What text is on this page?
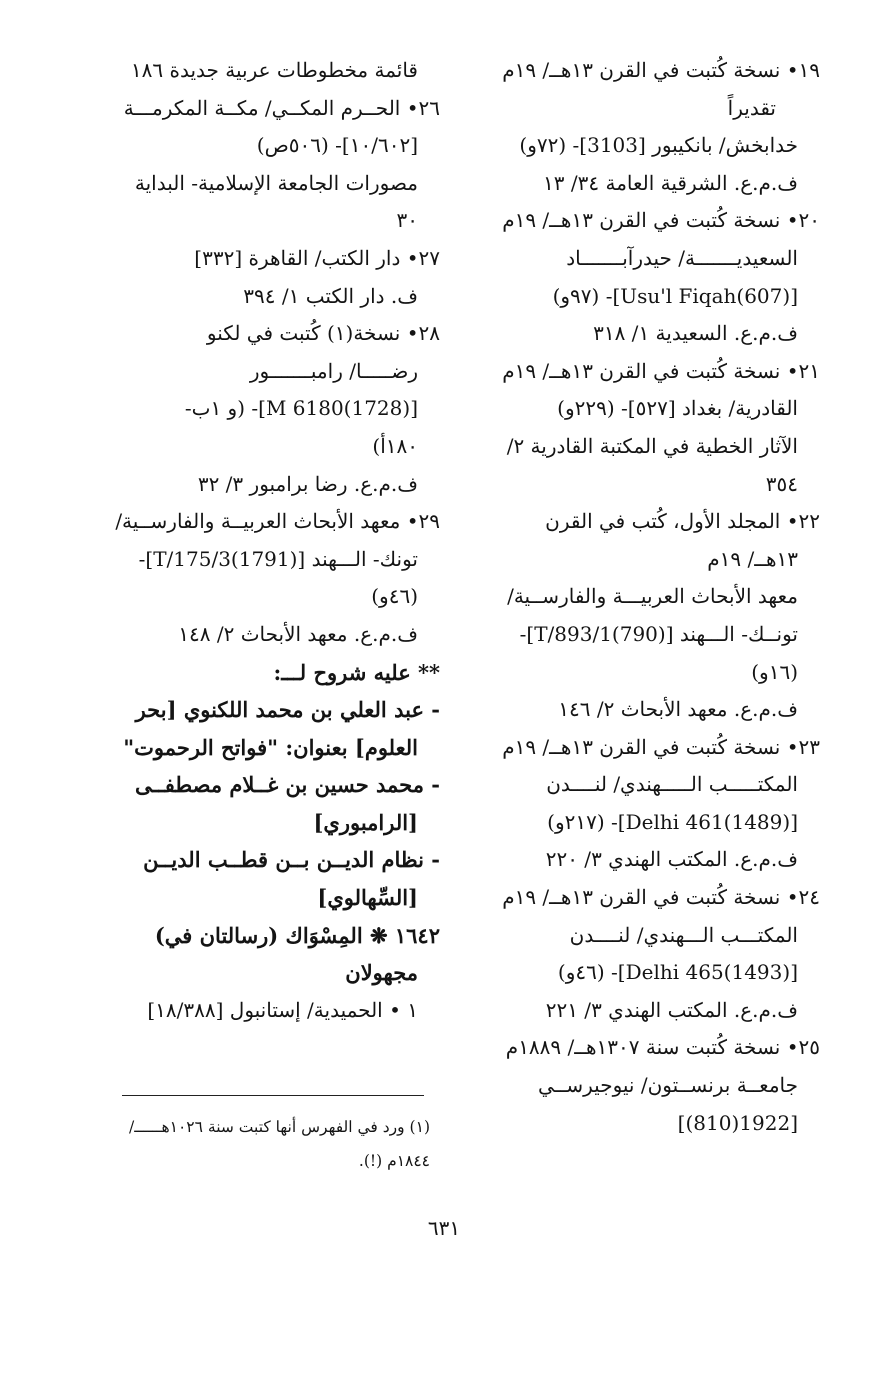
١٩• نسخة كُتبت في القرن ١٣هــ/ ١٩م
تقديراً
خدابخش/ بانكيبور [3103]- (٧٢و)
ف.م.ع. الشرقية العامة ٣٤/ ١٣
٢٠• نسخة كُتبت في القرن ١٣هــ/ ١٩م
السعيديـــــــة/ حيدرآبـــــــاد
[Usu'l Fiqah(607)]- (٩٧و)
ف.م.ع. السعيدية ١/ ٣١٨
٢١• نسخة كُتبت في القرن ١٣هــ/ ١٩م
القادرية/ بغداد [٥٢٧]- (٢٢٩و)
الآثار الخطية في المكتبة القادرية ٢/
٣٥٤
٢٢• المجلد الأول، كُتب في القرن
١٣هــ/ ١٩م
معهد الأبحاث العربيـــة والفارســية/
تونــك- الـــهند [T/893/1(790)]-
(١٦و)
ف.م.ع. معهد الأبحاث ٢/ ١٤٦
٢٣• نسخة كُتبت في القرن ١٣هــ/ ١٩م
المكتـــــب الـــــهندي/ لنــــدن
[Delhi 461(1489)]- (٢١٧و)
ف.م.ع. المكتب الهندي ٣/ ٢٢٠
٢٤• نسخة كُتبت في القرن ١٣هــ/ ١٩م
المكتـــب الـــهندي/ لنــــدن
[Delhi 465(1493)]- (٤٦و)
ف.م.ع. المكتب الهندي ٣/ ٢٢١
٢٥• نسخة كُتبت سنة ١٣٠٧هــ/ ١٨٨٩م
جامعــة برنســتون/ نيوجيرســي
[1922(810)]
قائمة مخطوطات عربية جديدة ١٨٦
٢٦• الحــرم المكــي/ مكــة المكرمـــة
[١٠/٦٠٢]- (٥٠٦ص)
مصورات الجامعة الإسلامية- البداية
٣٠
٢٧• دار الكتب/ القاهرة [٣٣٢]
ف. دار الكتب ١/ ٣٩٤
٢٨• نسخة(١) كُتبت في لكنو
رضـــــا/ رامبـــــــور
[M 6180(1728)]- (و ١ب-
١٨٠أ)
ف.م.ع. رضا برامبور ٣/ ٣٢
٢٩• معهد الأبحاث العربيــة والفارســية/
تونك- الـــهند [T/175/3(1791)]-
(٤٦و)
ف.م.ع. معهد الأبحاث ٢/ ١٤٨
** عليه شروح لـــ:
- عبد العلي بن محمد اللكنوي [بحر
العلوم] بعنوان: "فواتح الرحموت"
- محمد حسين بن غــلام مصطفــى
[الرامبوري]
- نظام الديــن بــن قطــب الديــن
[السِّهالوي]
١٦٤٢ ❋ المِسْوَاك (رسالتان في)
مجهولان
١ • الحميدية/ إستانبول [١٨/٣٨٨]
(١) ورد في الفهرس أنها كتبت سنة ١٠٢٦هــــــ/
١٨٤٤م (!).
٦٣١
